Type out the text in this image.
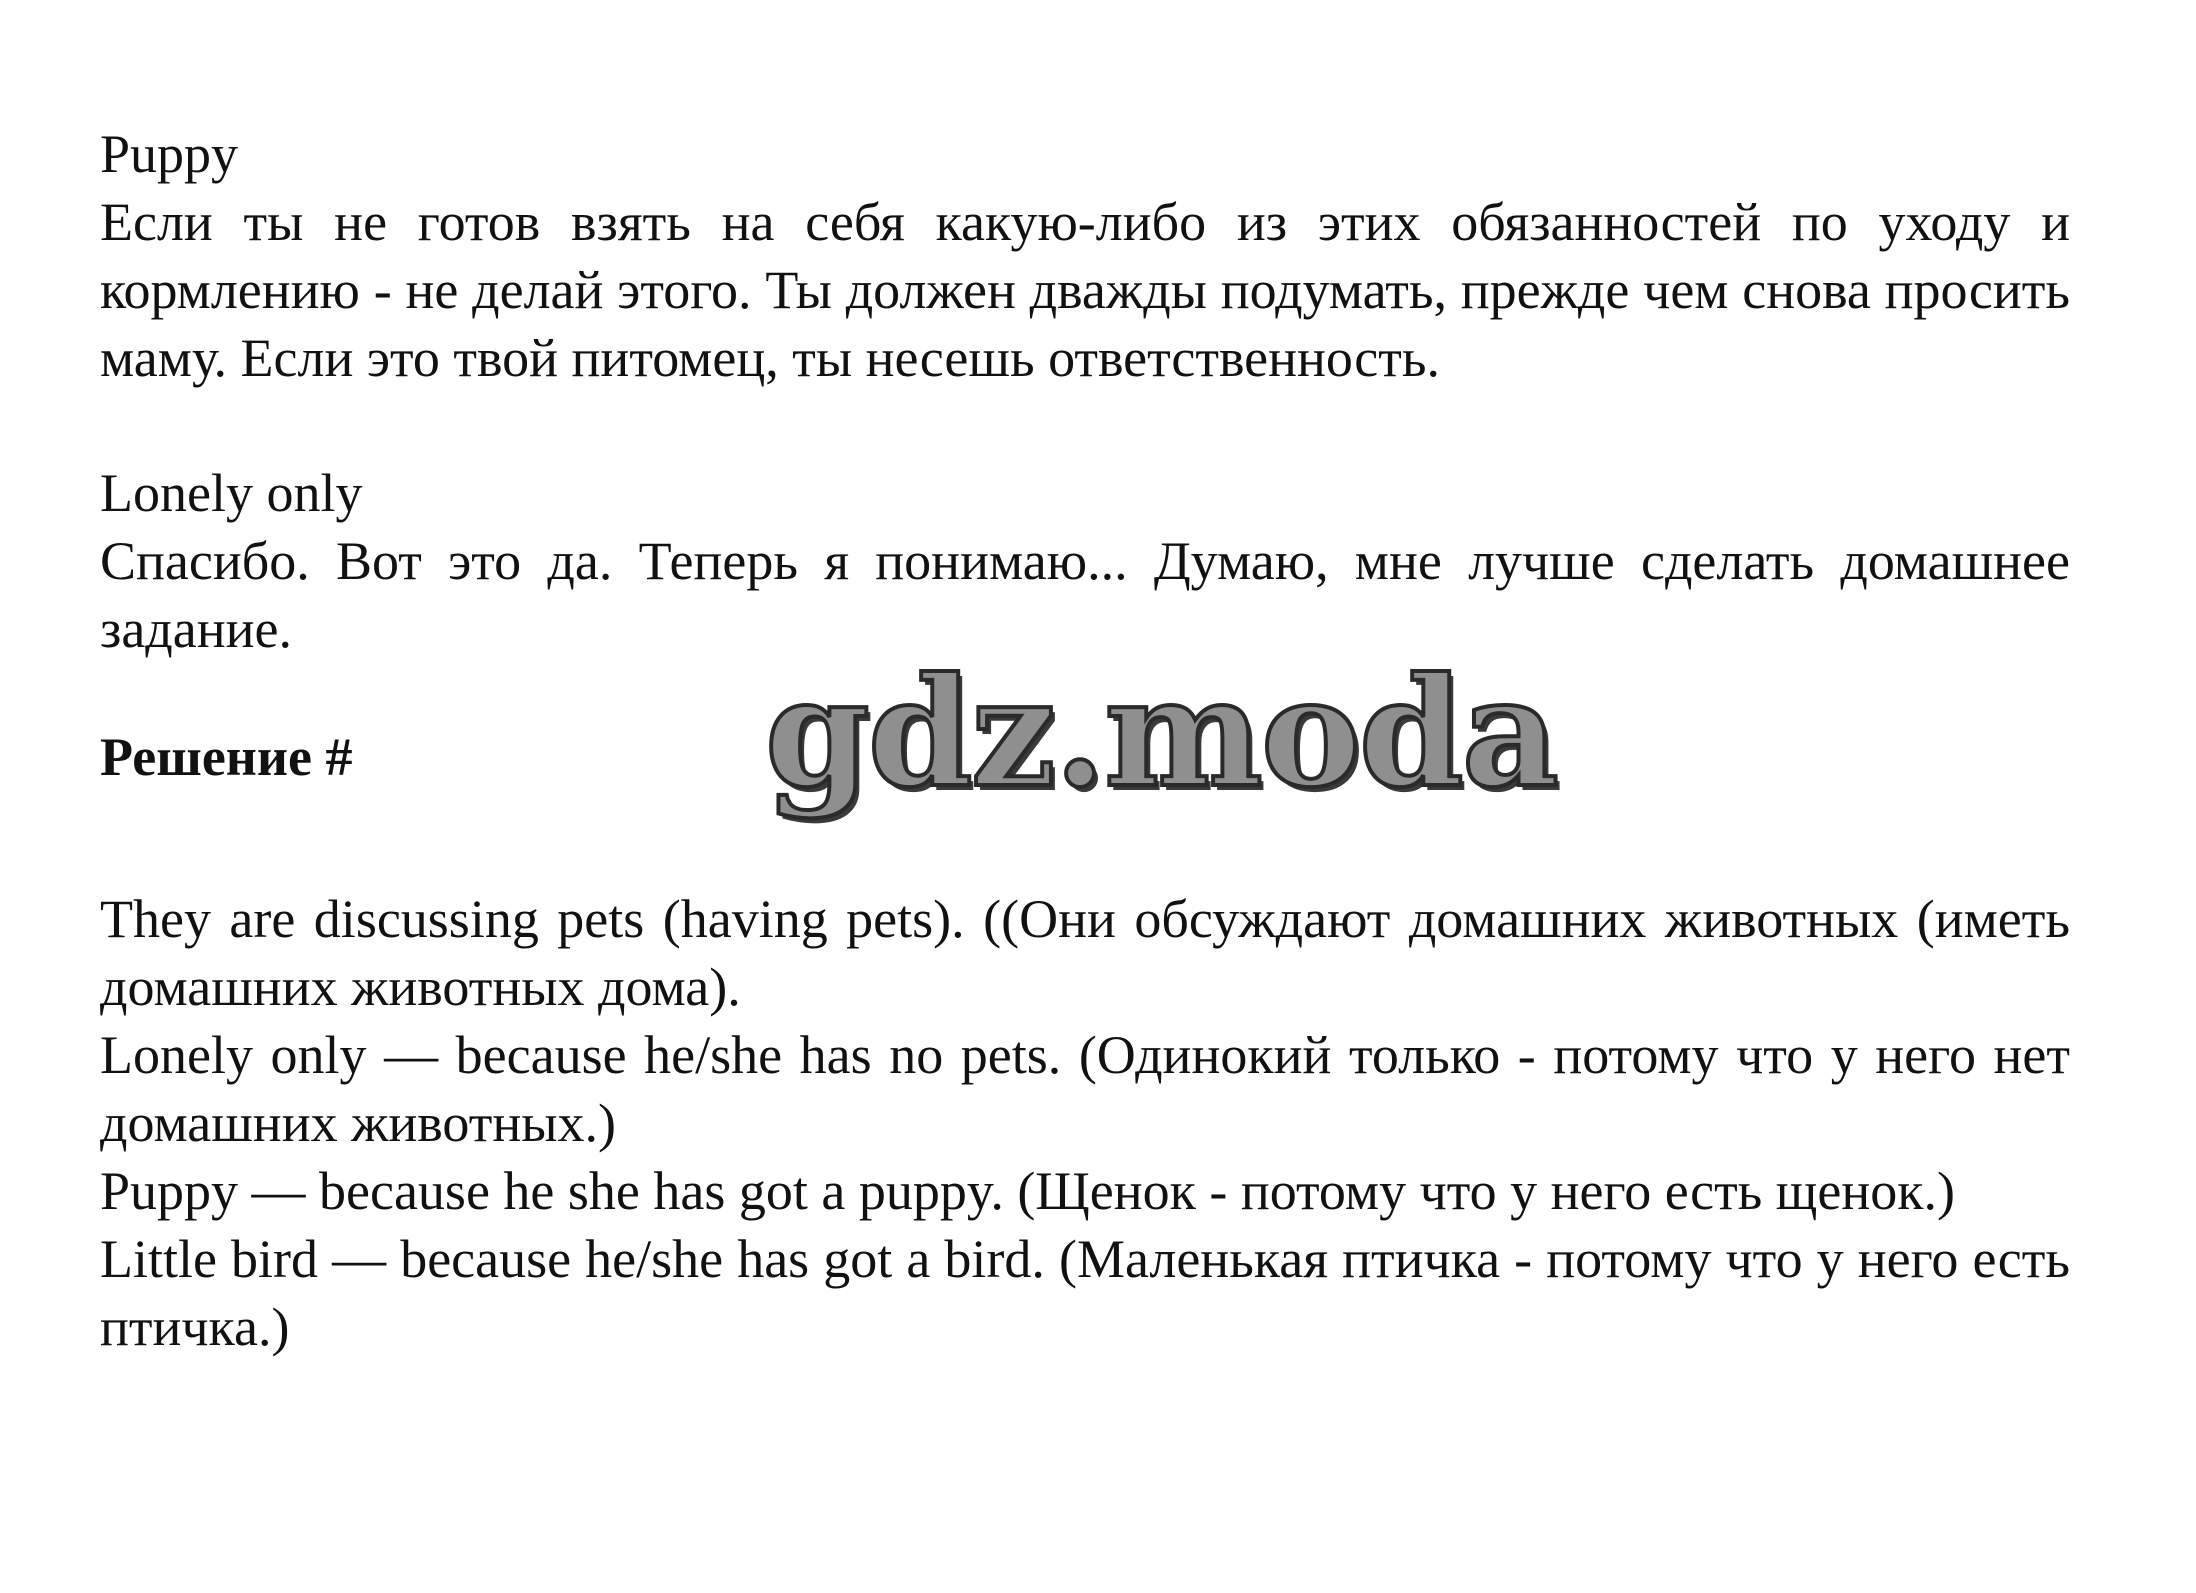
Puppy
Если ты не готов взять на себя какую-либо из этих обязанностей по уходу и кормлению - не делай этого. Ты должен дважды подумать, прежде чем снова просить маму. Если это твой питомец, ты несешь ответственность.
Lonely only
Спасибо. Вот это да. Теперь я понимаю... Думаю, мне лучше сделать домашнее задание.
Решение #	gdz.moda
They are discussing pets (having pets). ((Они обсуждают домашних животных (иметь домашних животных дома).
Lonely only — because he/she has no pets. (Одинокий только - потому что у него нет домашних животных.)
Puppy — because he she has got a puppy. (Щенок - потому что у него есть щенок.)
Little bird — because he/she has got a bird. (Маленькая птичка - потому что у него есть птичка.)
